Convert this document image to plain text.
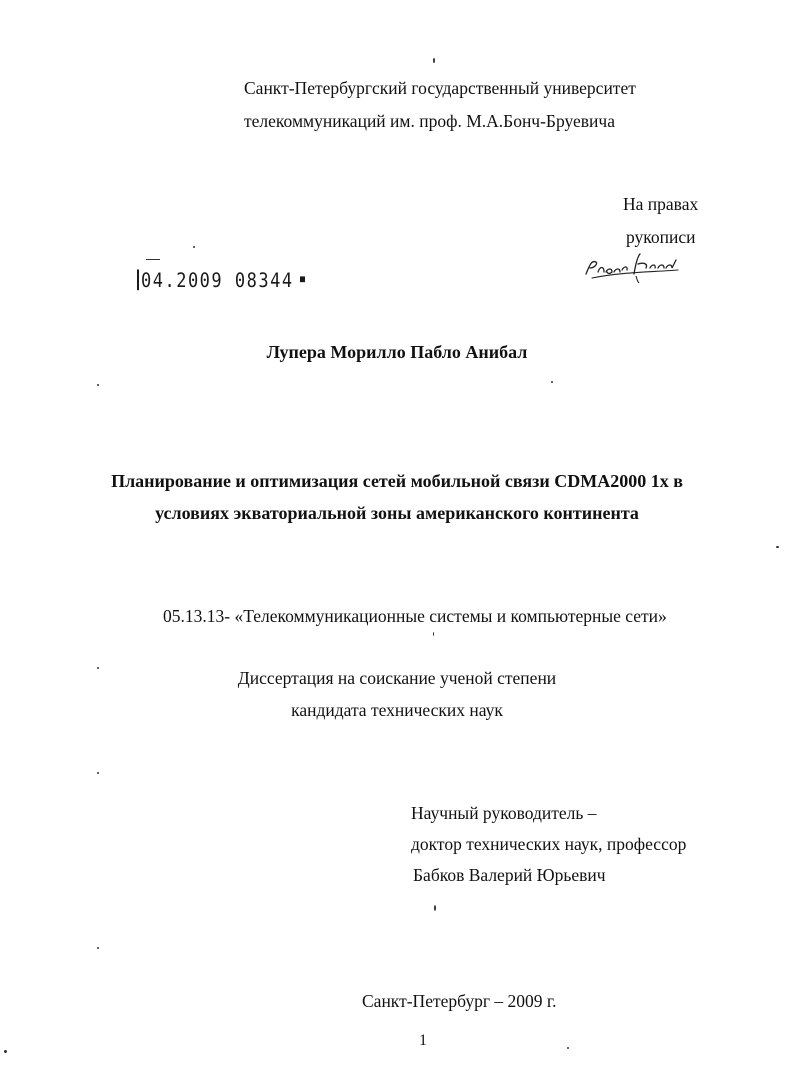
Санкт-Петербургский государственный университет
телекоммуникаций им. проф. М.А.Бонч-Бруевича
На правах
рукописи
04.2009 08344
Лупера Морилло Пабло Анибал
Планирование и оптимизация сетей мобильной связи CDMA2000 1x в
условиях экваториальной зоны американского континента
05.13.13- «Телекоммуникационные системы и компьютерные сети»
Диссертация на соискание ученой степени
кандидата технических наук
Научный руководитель –
доктор технических наук, профессор
Бабков Валерий Юрьевич
Санкт-Петербург – 2009 г.
1
